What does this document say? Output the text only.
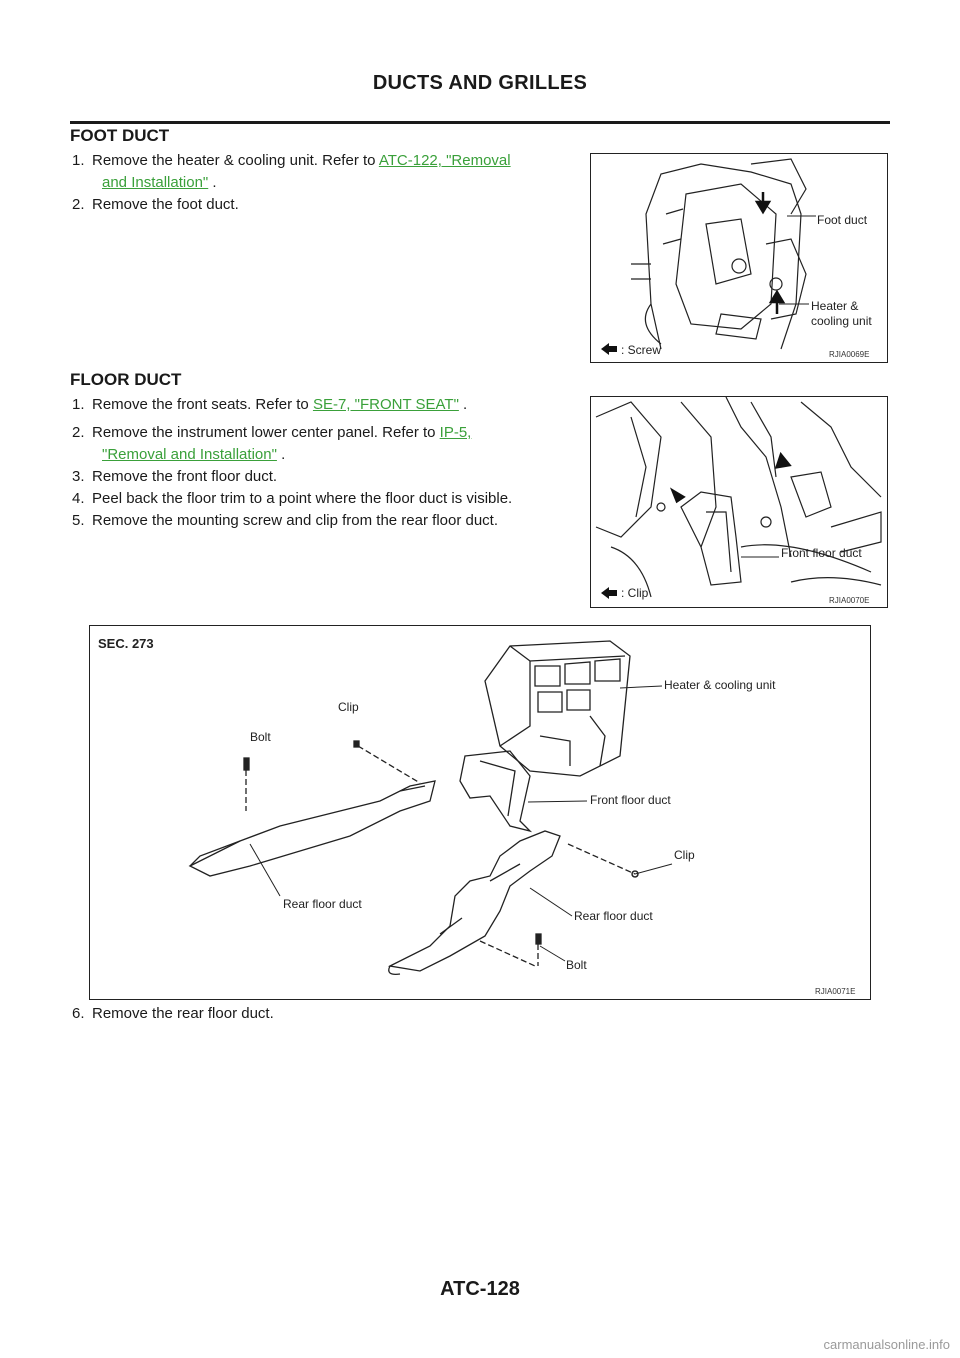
DUCTS AND GRILLES
FOOT DUCT
1. Remove the heater & cooling unit. Refer to ATC-122, "Removal
and Installation" .
2. Remove the foot duct.
Foot duct
Heater &
cooling unit
: Screw	RJIA0069E
FLOOR DUCT
1. Remove the front seats. Refer to SE-7, "FRONT SEAT" .
2. Remove the instrument lower center panel. Refer to IP-5,
"Removal and Installation" .
3. Remove the front floor duct.
4. Peel back the floor trim to a point where the floor duct is visible.
5. Remove the mounting screw and clip from the rear floor duct.
Front floor duct
: Clip
RJIA0070E
SEC. 273
Heater & cooling unit
Clip
Bolt
Front floor duct
Clip
Rear floor duct
Rear floor duct
Bolt
RJIA0071E
6. Remove the rear floor duct.
ATC-128
carmanualsonline.info
